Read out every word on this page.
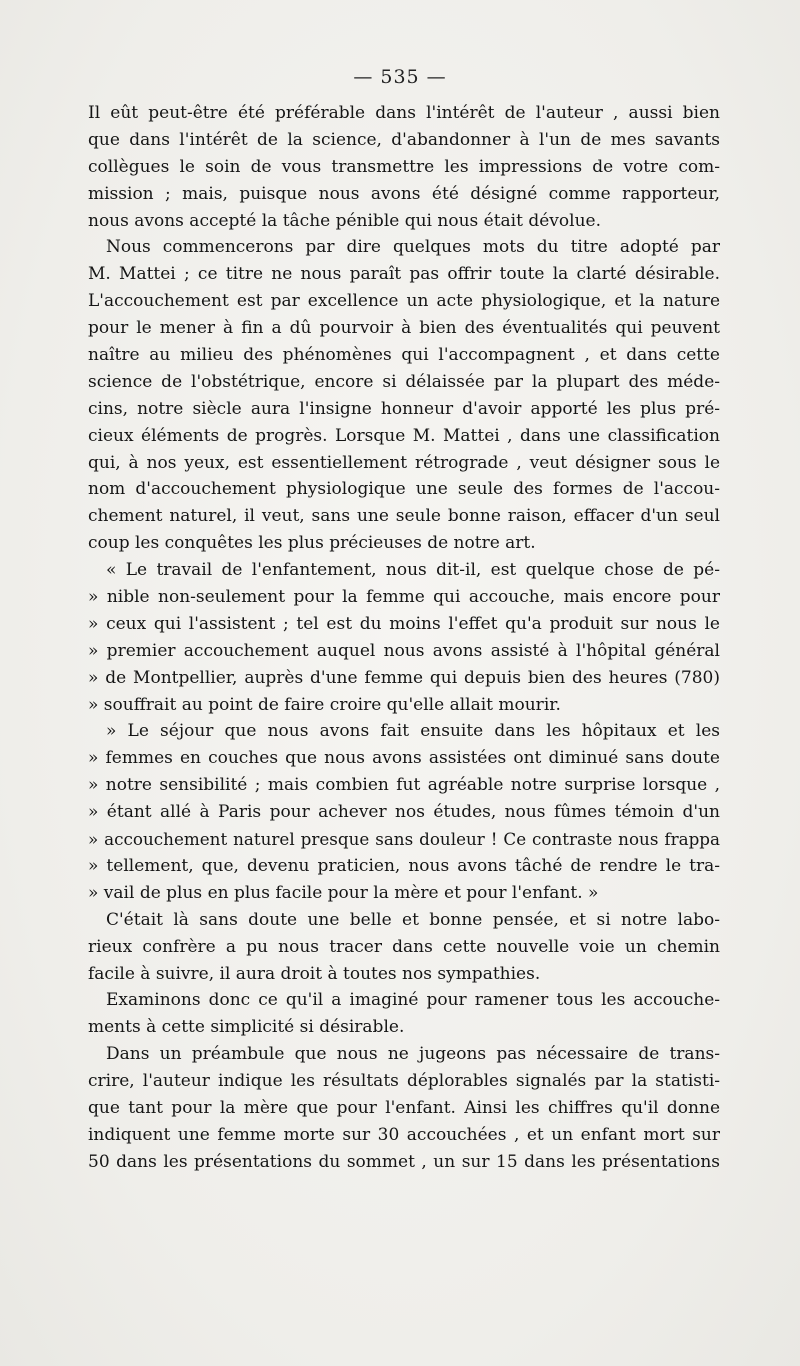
— 535 —
Il eût peut-être été préférable dans l'intérêt de l'auteur , aussi bien
que dans l'intérêt de la science, d'abandonner à l'un de mes savants
collègues le soin de vous transmettre les impressions de votre com-
mission ; mais, puisque nous avons été désigné comme rapporteur,
nous avons accepté la tâche pénible qui nous était dévolue.
Nous commencerons par dire quelques mots du titre adopté par
M. Mattei ; ce titre ne nous paraît pas offrir toute la clarté désirable.
L'accouchement est par excellence un acte physiologique, et la nature
pour le mener à fin a dû pourvoir à bien des éventualités qui peuvent
naître au milieu des phénomènes qui l'accompagnent , et dans cette
science de l'obstétrique, encore si délaissée par la plupart des méde-
cins, notre siècle aura l'insigne honneur d'avoir apporté les plus pré-
cieux éléments de progrès. Lorsque M. Mattei , dans une classification
qui, à nos yeux, est essentiellement rétrograde , veut désigner sous le
nom d'accouchement physiologique une seule des formes de l'accou-
chement naturel, il veut, sans une seule bonne raison, effacer d'un seul
coup les conquêtes les plus précieuses de notre art.
« Le travail de l'enfantement, nous dit-il, est quelque chose de pé-
» nible non-seulement pour la femme qui accouche, mais encore pour
» ceux qui l'assistent ; tel est du moins l'effet qu'a produit sur nous le
» premier accouchement auquel nous avons assisté à l'hôpital général
» de Montpellier, auprès d'une femme qui depuis bien des heures (780)
» souffrait au point de faire croire qu'elle allait mourir.
» Le séjour que nous avons fait ensuite dans les hôpitaux et les
» femmes en couches que nous avons assistées ont diminué sans doute
» notre sensibilité ; mais combien fut agréable notre surprise lorsque ,
» étant allé à Paris pour achever nos études, nous fûmes témoin d'un
» accouchement naturel presque sans douleur ! Ce contraste nous frappa
» tellement, que, devenu praticien, nous avons tâché de rendre le tra-
» vail de plus en plus facile pour la mère et pour l'enfant. »
C'était là sans doute une belle et bonne pensée, et si notre labo-
rieux confrère a pu nous tracer dans cette nouvelle voie un chemin
facile à suivre, il aura droit à toutes nos sympathies.
Examinons donc ce qu'il a imaginé pour ramener tous les accouche-
ments à cette simplicité si désirable.
Dans un préambule que nous ne jugeons pas nécessaire de trans-
crire, l'auteur indique les résultats déplorables signalés par la statisti-
que tant pour la mère que pour l'enfant. Ainsi les chiffres qu'il donne
indiquent une femme morte sur 30 accouchées , et un enfant mort sur
50 dans les présentations du sommet , un sur 15 dans les présentations
